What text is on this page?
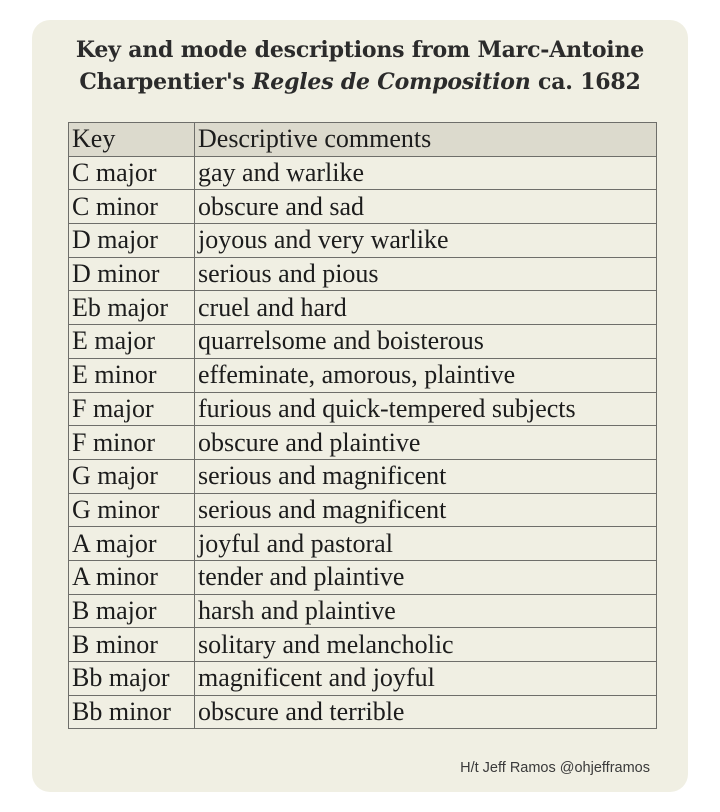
Key and mode descriptions from Marc-Antoine
Charpentier's Regles de Composition ca. 1682
Key	Descriptive comments
C major	gay and warlike
C minor	obscure and sad
D major	joyous and very warlike
D minor	serious and pious
Eb major	cruel and hard
E major	quarrelsome and boisterous
E minor	effeminate, amorous, plaintive
F major	furious and quick-tempered subjects
F minor	obscure and plaintive
G major	serious and magnificent
G minor	serious and magnificent
A major	joyful and pastoral
A minor	tender and plaintive
B major	harsh and plaintive
B minor	solitary and melancholic
Bb major	magnificent and joyful
Bb minor	obscure and terrible
H/t Jeff Ramos @ohjefframos
